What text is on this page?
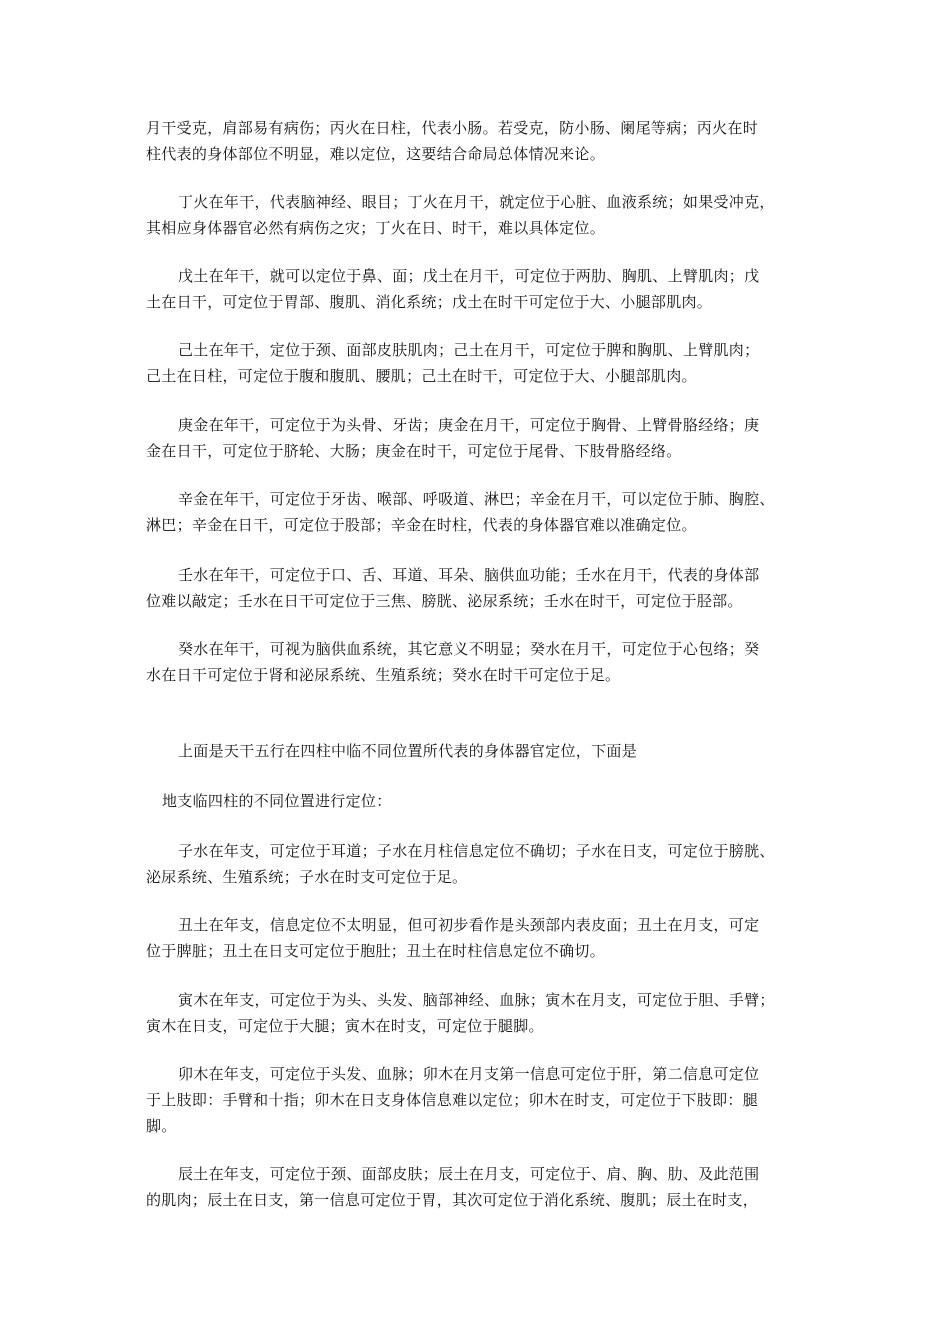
月干受克，肩部易有病伤；丙火在日柱，代表小肠。若受克，防小肠、阑尾等病；丙火在时
柱代表的身体部位不明显，难以定位，这要结合命局总体情况来论。
丁火在年干，代表脑神经、眼目；丁火在月干，就定位于心脏、血液系统；如果受冲克，
其相应身体器官必然有病伤之灾；丁火在日、时干，难以具体定位。
戊土在年干，就可以定位于鼻、面；戊土在月干，可定位于两肋、胸肌、上臂肌肉；戊
土在日干，可定位于胃部、腹肌、消化系统；戊土在时干可定位于大、小腿部肌肉。
己土在年干，定位于颈、面部皮肤肌肉；己土在月干，可定位于脾和胸肌、上臂肌肉；
己土在日柱，可定位于腹和腹肌、腰肌；己土在时干，可定位于大、小腿部肌肉。
庚金在年干，可定位于为头骨、牙齿；庚金在月干，可定位于胸骨、上臂骨胳经络；庚
金在日干，可定位于脐轮、大肠；庚金在时干，可定位于尾骨、下肢骨胳经络。
辛金在年干，可定位于牙齿、喉部、呼吸道、淋巴；辛金在月干，可以定位于肺、胸腔、
淋巴；辛金在日干，可定位于股部；辛金在时柱，代表的身体器官难以准确定位。
壬水在年干，可定位于口、舌、耳道、耳朵、脑供血功能；壬水在月干，代表的身体部
位难以敲定；壬水在日干可定位于三焦、膀胱、泌尿系统；壬水在时干，可定位于胫部。
癸水在年干，可视为脑供血系统，其它意义不明显；癸水在月干，可定位于心包络；癸
水在日干可定位于肾和泌尿系统、生殖系统；癸水在时干可定位于足。

上面是天干五行在四柱中临不同位置所代表的身体器官定位，下面是

地支临四柱的不同位置进行定位：

子水在年支，可定位于耳道；子水在月柱信息定位不确切；子水在日支，可定位于膀胱、
泌尿系统、生殖系统；子水在时支可定位于足。
丑土在年支，信息定位不太明显，但可初步看作是头颈部内表皮面；丑土在月支，可定
位于脾脏；丑土在日支可定位于胞肚；丑土在时柱信息定位不确切。
寅木在年支，可定位于为头、头发、脑部神经、血脉；寅木在月支，可定位于胆、手臂；
寅木在日支，可定位于大腿；寅木在时支，可定位于腿脚。
卯木在年支，可定位于头发、血脉；卯木在月支第一信息可定位于肝，第二信息可定位
于上肢即：手臂和十指；卯木在日支身体信息难以定位；卯木在时支，可定位于下肢即：腿
脚。
辰土在年支，可定位于颈、面部皮肤；辰土在月支，可定位于、肩、胸、肋、及此范围
的肌肉；辰土在日支，第一信息可定位于胃，其次可定位于消化系统、腹肌；辰土在时支，
